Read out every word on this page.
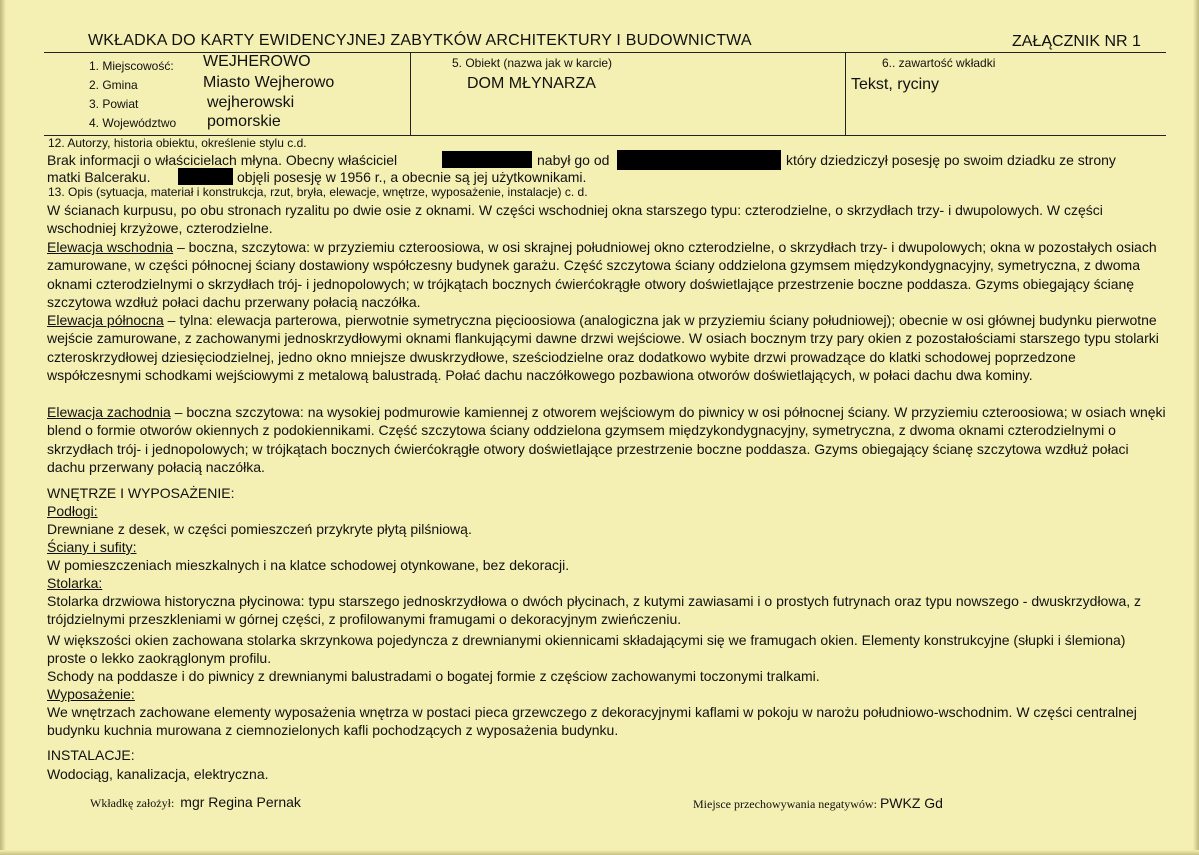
WKŁADKA DO KARTY EWIDENCYJNEJ ZABYTKÓW ARCHITEKTURY I BUDOWNICTWA	ZAŁĄCZNIK NR 1
1. Miejscowość: WEJHEROWO
2. Gmina	Miasto Wejherowo
3. Powiat	wejherowski
4. Województwo pomorskie
5. Obiekt (nazwa jak w karcie)
DOM MŁYNARZA
6.. zawartość wkładki
Tekst, ryciny
12. Autorzy, historia obiektu, określenie stylu c.d.
Brak informacji o właścicielach młyna. Obecny właściciel	nabył go od	który dziedziczył posesję po swoim dziadku ze strony
matki Balceraku.	objęli posesję w 1956 r., a obecnie są jej użytkownikami.
13. Opis (sytuacja, materiał i konstrukcja, rzut, bryła, elewacje, wnętrze, wyposażenie, instalacje) c. d.
W ścianach kurpusu, po obu stronach ryzalitu po dwie osie z oknami. W części wschodniej okna starszego typu: czterodzielne, o skrzydłach trzy- i dwupolowych. W części wschodniej krzyżowe, czterodzielne.
Elewacja wschodnia – boczna, szczytowa: w przyziemiu czteroosiowa, w osi skrajnej południowej okno czterodzielne, o skrzydłach trzy- i dwupolowych; okna w pozostałych osiach zamurowane, w części północnej ściany dostawiony współczesny budynek garażu. Część szczytowa ściany oddzielona gzymsem międzykondygnacyjny, symetryczna, z dwoma oknami czterodzielnymi o skrzydłach trój- i jednopolowych; w trójkątach bocznych ćwierćokrągłe otwory doświetlające przestrzenie boczne poddasza. Gzyms obiegający ścianę szczytowa wzdłuż połaci dachu przerwany połacią naczółka.
Elewacja północna – tylna: elewacja parterowa, pierwotnie symetryczna pięcioosiowa (analogiczna jak w przyziemiu ściany południowej); obecnie w osi głównej budynku pierwotne wejście zamurowane, z zachowanymi jednoskrzydłowymi oknami flankującymi dawne drzwi wejściowe. W osiach bocznym trzy pary okien z pozostałościami starszego typu stolarki czteroskrzydłowej dziesięciodzielnej, jedno okno mniejsze dwuskrzydłowe, sześciodzielne oraz dodatkowo wybite drzwi prowadzące do klatki schodowej poprzedzone współczesnymi schodkami wejściowymi z metalową balustradą. Połać dachu naczółkowego pozbawiona otworów doświetlających, w połaci dachu dwa kominy.
Elewacja zachodnia – boczna szczytowa: na wysokiej podmurowie kamiennej z otworem wejściowym do piwnicy w osi północnej ściany. W przyziemiu czteroosiowa; w osiach wnęki blend o formie otworów okiennych z podokiennikami. Część szczytowa ściany oddzielona gzymsem międzykondygnacyjny, symetryczna, z dwoma oknami czterodzielnymi o skrzydłach trój- i jednopolowych; w trójkątach bocznych ćwierćokrągłe otwory doświetlające przestrzenie boczne poddasza. Gzyms obiegający ścianę szczytowa wzdłuż połaci dachu przerwany połacią naczółka.
WNĘTRZE I WYPOSAŻENIE:
Podłogi:
Drewniane z desek, w części pomieszczeń przykryte płytą pilśniową.
Ściany i sufity:
W pomieszczeniach mieszkalnych i na klatce schodowej otynkowane, bez dekoracji.
Stolarka:
Stolarka drzwiowa historyczna płycinowa: typu starszego jednoskrzydłowa o dwóch płycinach, z kutymi zawiasami i o prostych futrynach oraz typu nowszego - dwuskrzydłowa, z trójdzielnymi przeszkleniami w górnej części, z profilowanymi framugami o dekoracyjnym zwieńczeniu.
W większości okien zachowana stolarka skrzynkowa pojedyncza z drewnianymi okiennicami składającymi się we framugach okien. Elementy konstrukcyjne (słupki i ślemiona) proste o lekko zaokrąglonym profilu.
Schody na poddasze i do piwnicy z drewnianymi balustradami o bogatej formie z częściow zachowanymi toczonymi tralkami.
Wyposażenie:
We wnętrzach zachowane elementy wyposażenia wnętrza w postaci pieca grzewczego z dekoracyjnymi kaflami w pokoju w narożu południowo-wschodnim. W części centralnej budynku kuchnia murowana z ciemnozielonych kafli pochodzących z wyposażenia budynku.
INSTALACJE:
Wodociąg, kanalizacja, elektryczna.
Wkładkę założył: mgr Regina Pernak	Miejsce przechowywania negatywów: PWKZ Gd
